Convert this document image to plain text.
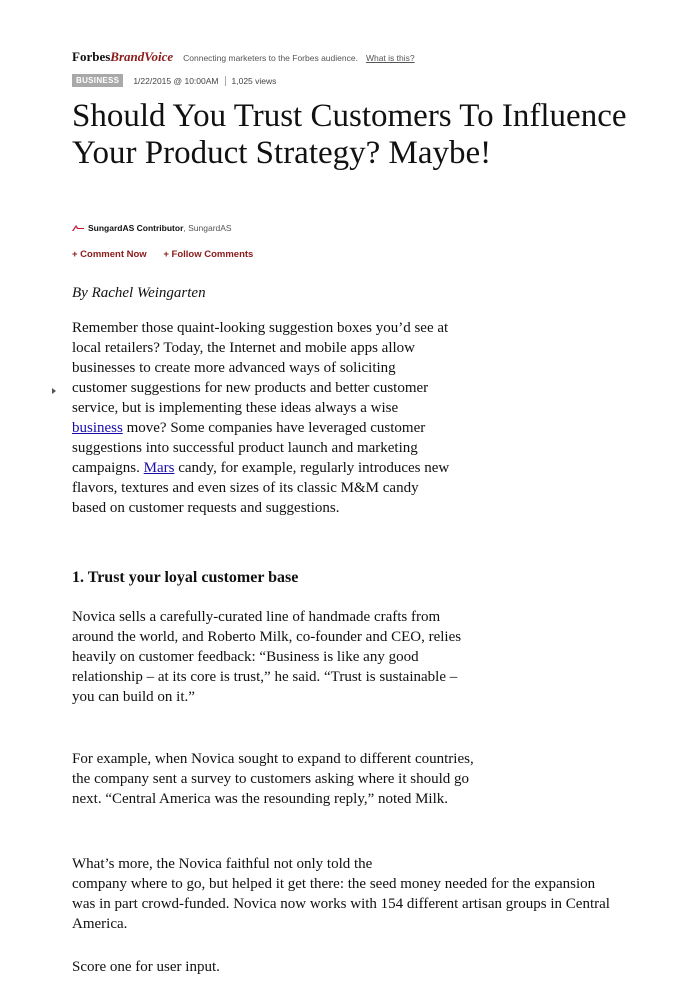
ForbesBrandVoice Connecting marketers to the Forbes audience. What is this?
BUSINESS	1/22/2015 @ 10:00AM 1,025 views
Should You Trust Customers To Influence Your Product Strategy? Maybe!
SungardAS Contributor , SungardAS
+ Comment Now + Follow Comments

By Rachel Weingarten

Remember those quaint-looking suggestion boxes you’d see at local retailers? Today, the Internet and mobile apps allow businesses to create more advanced ways of soliciting customer suggestions for new products and better customer service, but is implementing these ideas always a wise business move? Some companies have leveraged customer suggestions into successful product launch and marketing campaigns. Mars candy, for example, regularly introduces new flavors, textures and even sizes of its classic M&M candy based on customer requests and suggestions.

1. Trust your loyal customer base

Novica sells a carefully-curated line of handmade crafts from around the world, and Roberto Milk, co-founder and CEO, relies heavily on customer feedback: “Business is like any good relationship – at its core is trust,” he said. “Trust is sustainable – you can build on it.”

For example, when Novica sought to expand to different countries, the company sent a survey to customers asking where it should go next. “Central America was the resounding reply,” noted Milk.

What’s more, the Novica faithful not only told the
company where to go, but helped it get there: the seed money needed for the expansion was in part crowd-funded. Novica now works with 154 different artisan groups in Central America.

Score one for user input.
